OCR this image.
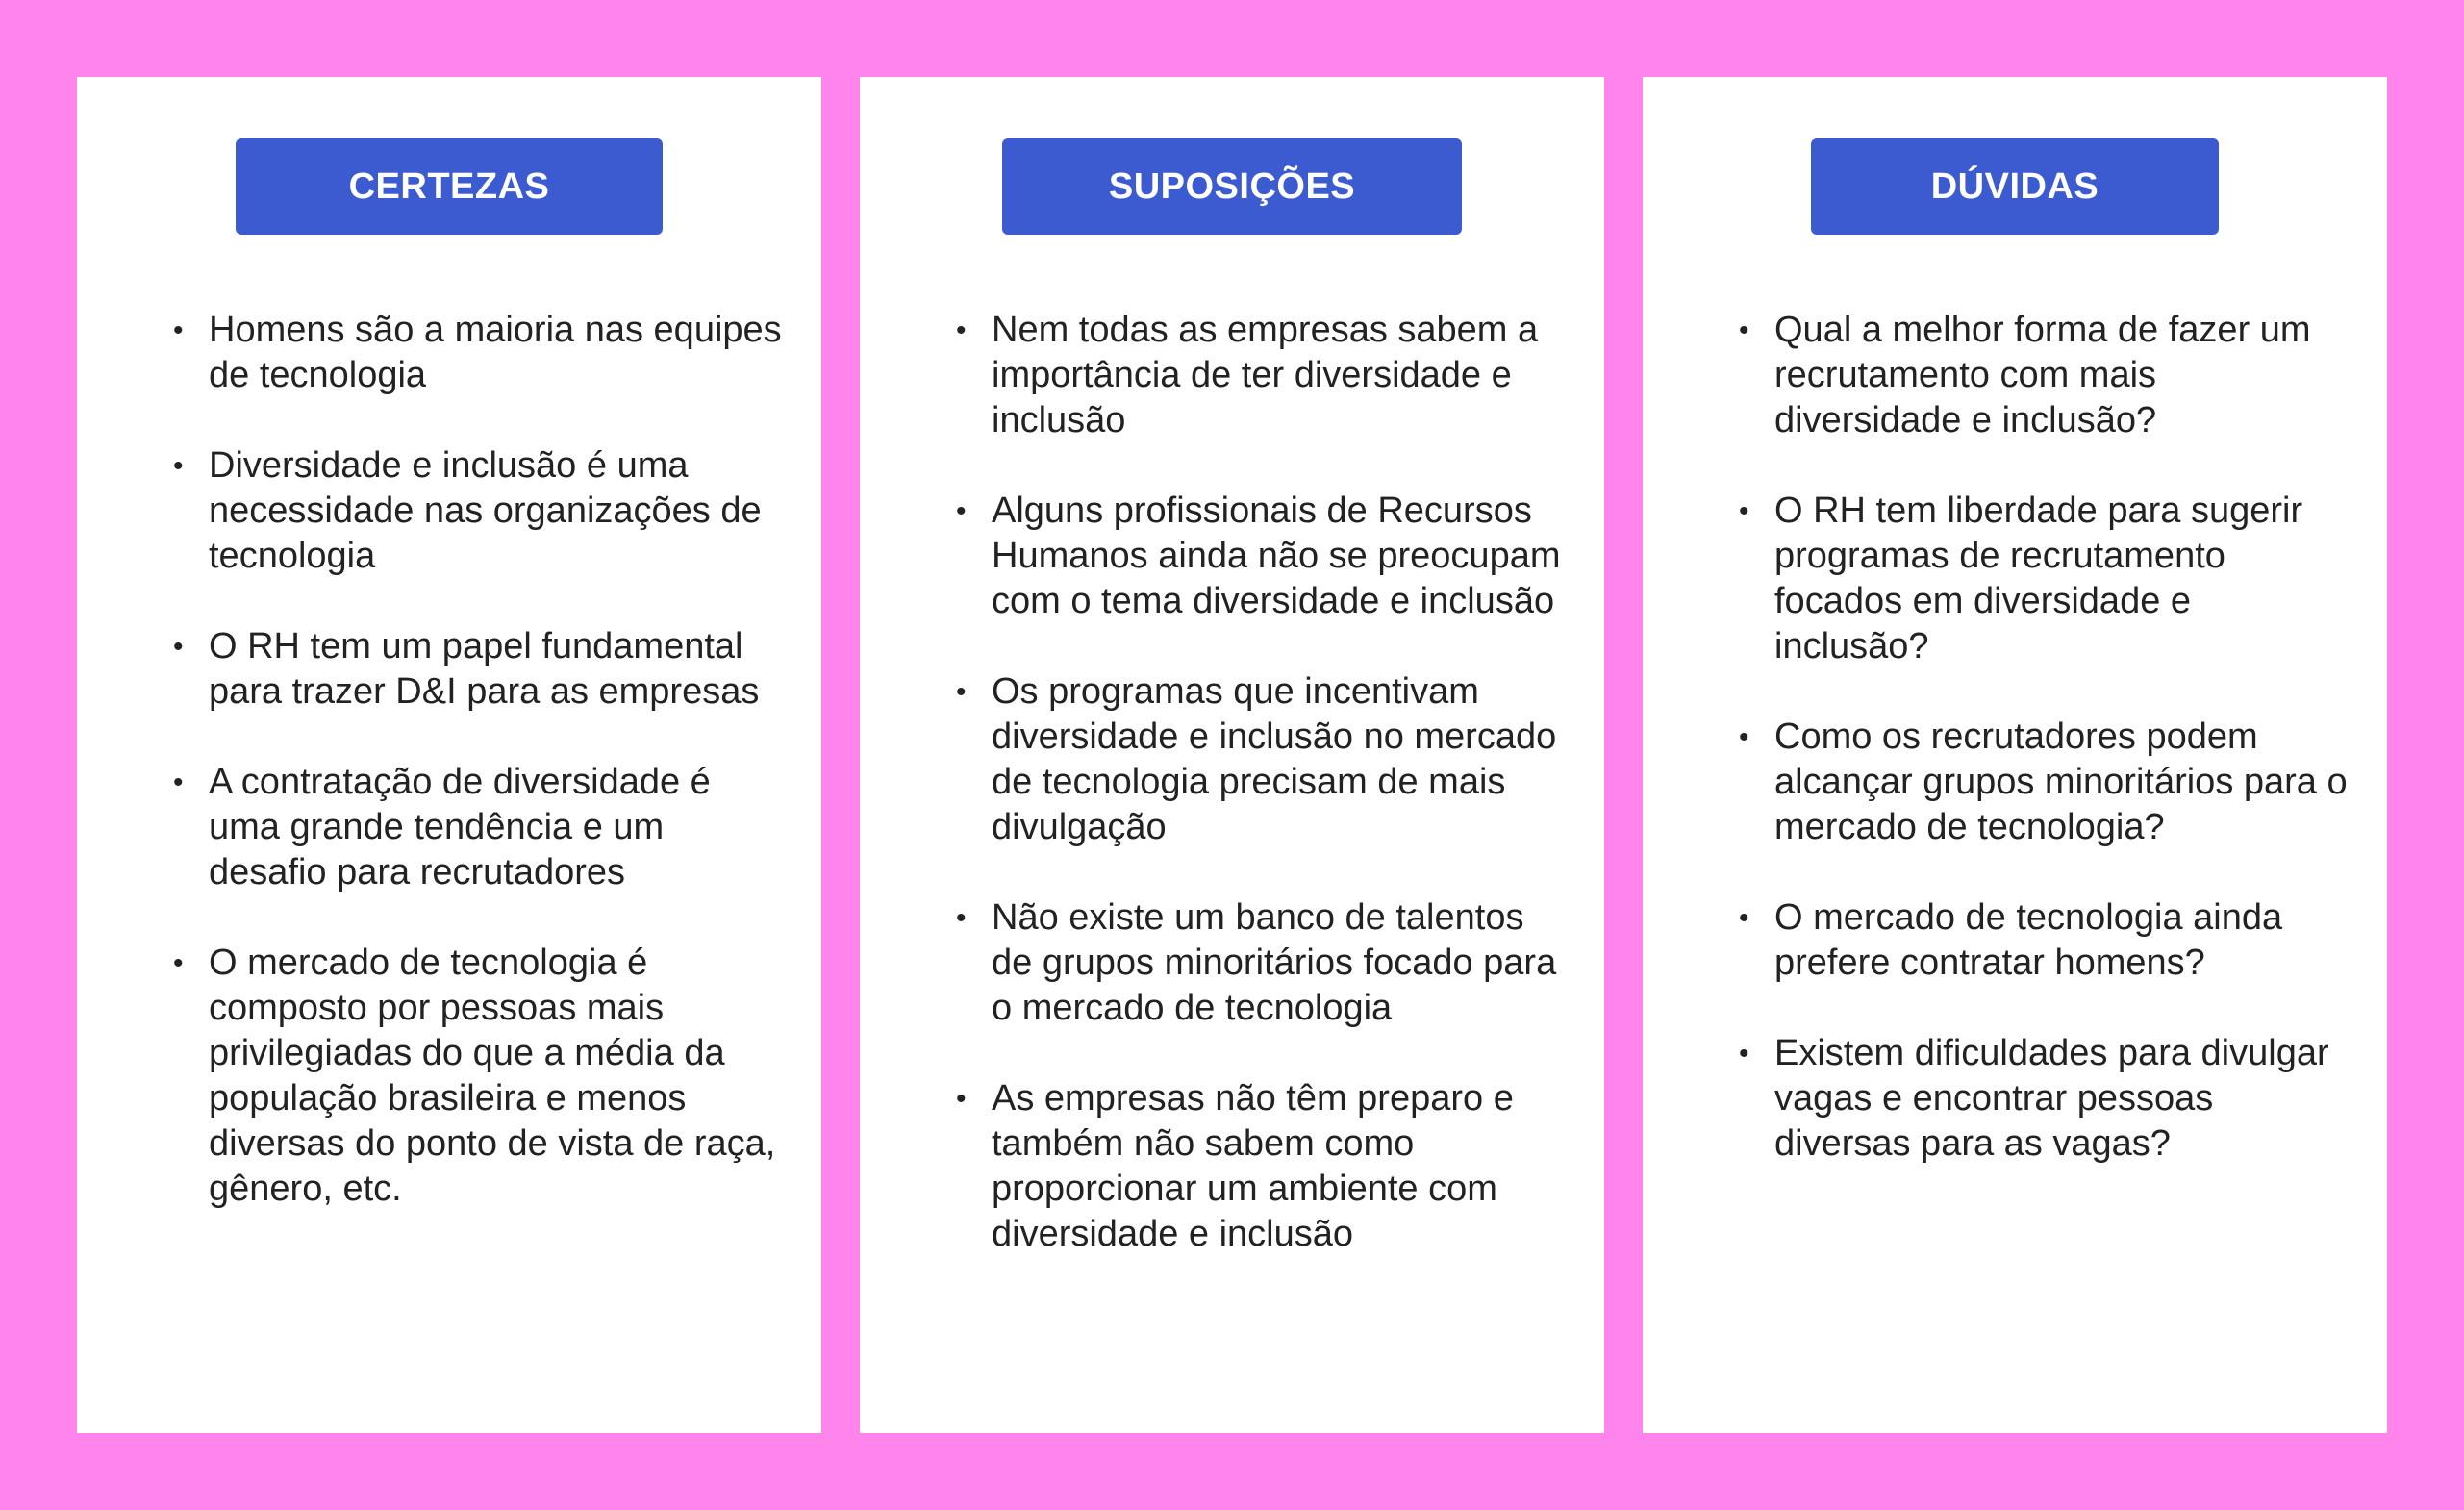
CERTEZAS
• Homens são a maioria nas equipes de tecnologia
• Diversidade e inclusão é uma necessidade nas organizações de tecnologia
• O RH tem um papel fundamental para trazer D&I para as empresas
• A contratação de diversidade é uma grande tendência e um desafio para recrutadores
• O mercado de tecnologia é composto por pessoas mais privilegiadas do que a média da população brasileira e menos diversas do ponto de vista de raça, gênero, etc.
SUPOSIÇÕES
• Nem todas as empresas sabem a importância de ter diversidade e inclusão
• Alguns profissionais de Recursos Humanos ainda não se preocupam com o tema diversidade e inclusão
• Os programas que incentivam diversidade e inclusão no mercado de tecnologia precisam de mais divulgação
• Não existe um banco de talentos de grupos minoritários focado para o mercado de tecnologia
• As empresas não têm preparo e também não sabem como proporcionar um ambiente com diversidade e inclusão
DÚVIDAS
• Qual a melhor forma de fazer um recrutamento com mais diversidade e inclusão?
• O RH tem liberdade para sugerir programas de recrutamento focados em diversidade e inclusão?
• Como os recrutadores podem alcançar grupos minoritários para o mercado de tecnologia?
• O mercado de tecnologia ainda prefere contratar homens?
• Existem dificuldades para divulgar vagas e encontrar pessoas diversas para as vagas?
